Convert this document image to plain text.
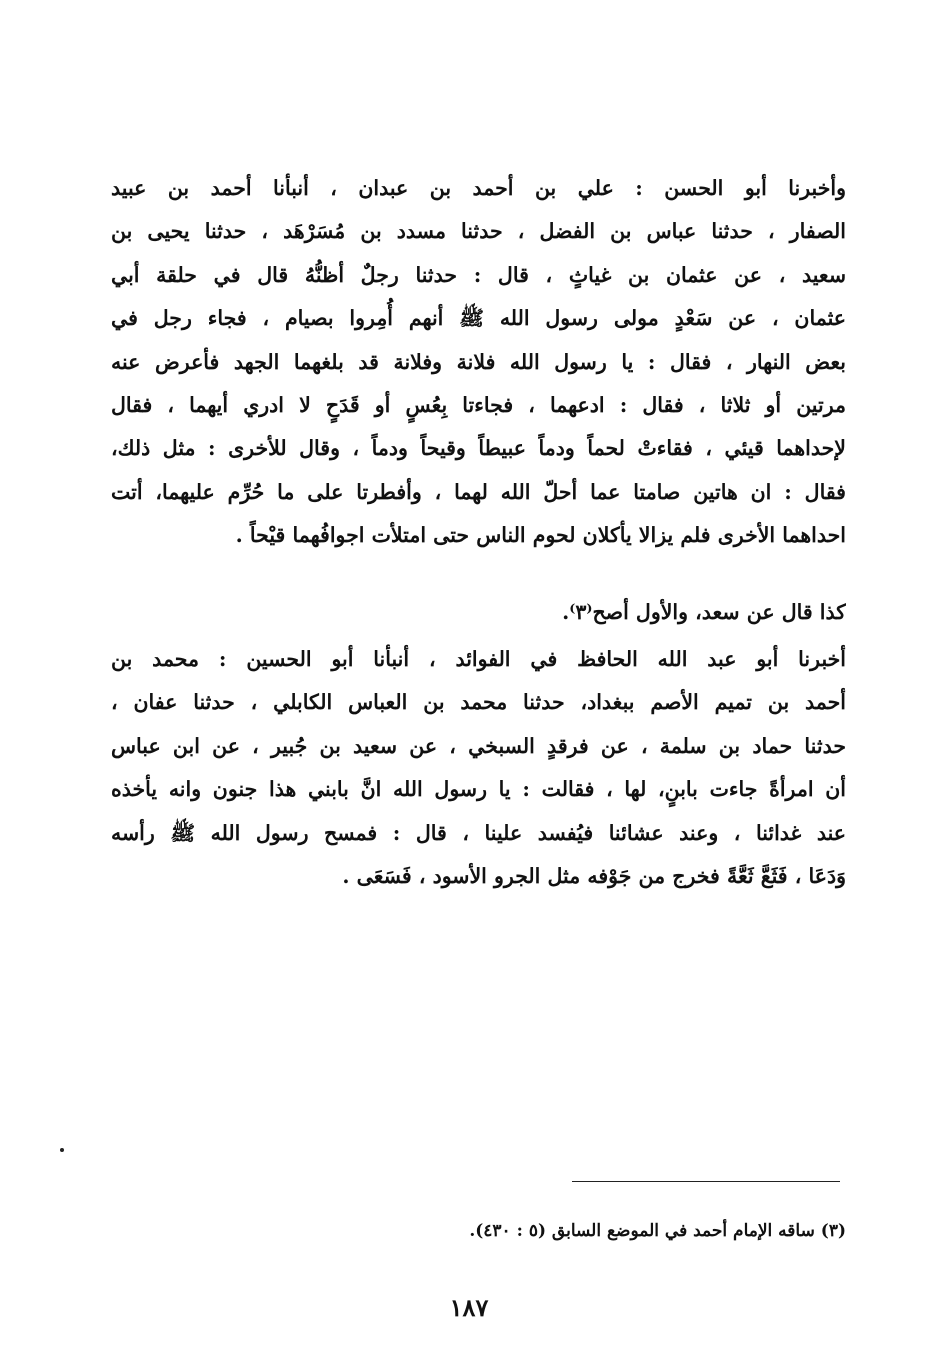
وأخبرنا أبو الحسن : علي بن أحمد بن عبدان ، أنبأنا أحمد بن عبيد
الصفار ، حدثنا عباس بن الفضل ، حدثنا مسدد بن مُسَرْهَد ، حدثنا يحيى بن
سعيد ، عن عثمان بن غياثٍ ، قال : حدثنا رجلٌ أظنُّهُ قال في حلقة أبي
عثمان ، عن سَعْدٍ مولى رسول الله ﷺ أنهم أُمِروا بصيام ، فجاء رجل في
بعض النهار ، فقال : يا رسول الله فلانة وفلانة قد بلغهما الجهد فأعرض عنه
مرتين أو ثلاثا ، فقال : ادعهما ، فجاءتا بِعُسٍ أو قَدَحٍ لا ادري أيهما ، فقال
لإحداهما قيئي ، فقاءتْ لحماً ودماً عبيطاً وقيحاً ودماً ، وقال للأخرى : مثل ذلك،
فقال : ان هاتين صامتا عما أحلّ الله لهما ، وأفطرتا على ما حُرِّم عليهما، أتت
احداهما الأخرى فلم يزالا يأكلان لحوم الناس حتى امتلأت اجوافُهما قيْحاً .
كذا قال عن سعد، والأول أصح⁽٣⁾.
أخبرنا أبو عبد الله الحافظ في الفوائد ، أنبأنا أبو الحسين : محمد بن
أحمد بن تميم الأصم ببغداد، حدثنا محمد بن العباس الكابلي ، حدثنا عفان ،
حدثنا حماد بن سلمة ، عن فرقدٍ السبخي ، عن سعيد بن جُبير ، عن ابن عباس
أن امرأةً جاءت بابنٍ، لها ، فقالت : يا رسول الله انَّ بابني هذا جنون وانه يأخذه
عند غدائنا ، وعند عشائنا فيُفسد علينا ، قال : فمسح رسول الله ﷺ رأسه
وَدَعَا ، فَثَعَّ ثَعَّةً فخرج من جَوْفه مثل الجرو الأسود ، فَسَعَى .
(٣) ساقه الإمام أحمد في الموضع السابق (٥ : ٤٣٠).
١٨٧
